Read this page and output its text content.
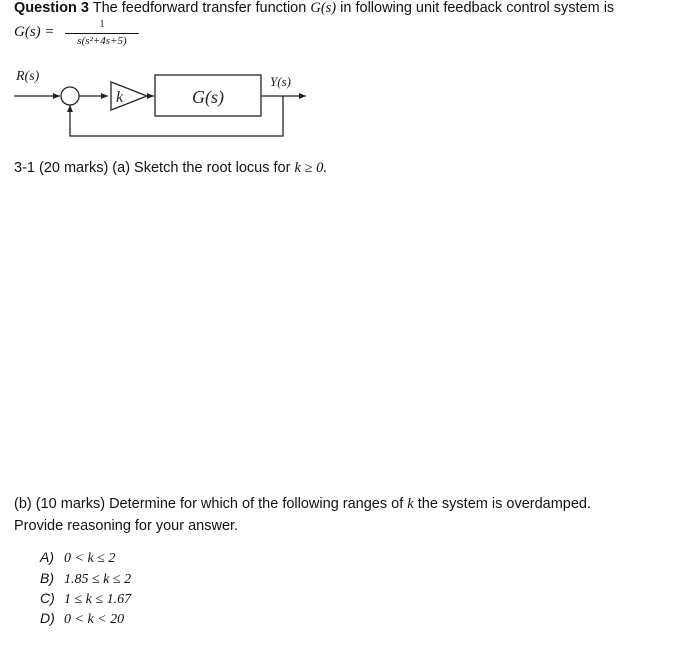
Question 3 The feedforward transfer function G(s) in following unit feedback control system is
G(s) =	1
s(s²+4s+5)
R(s)
k	G(s)
Y(s)
3-1 (20 marks) (a) Sketch the root locus for k ≥ 0.
(b) (10 marks) Determine for which of the following ranges of k the system is overdamped.
Provide reasoning for your answer.
A) 0 < k ≤ 2
B) 1.85 ≤ k ≤ 2
C) 1 ≤ k ≤ 1.67
D) 0 < k < 20
